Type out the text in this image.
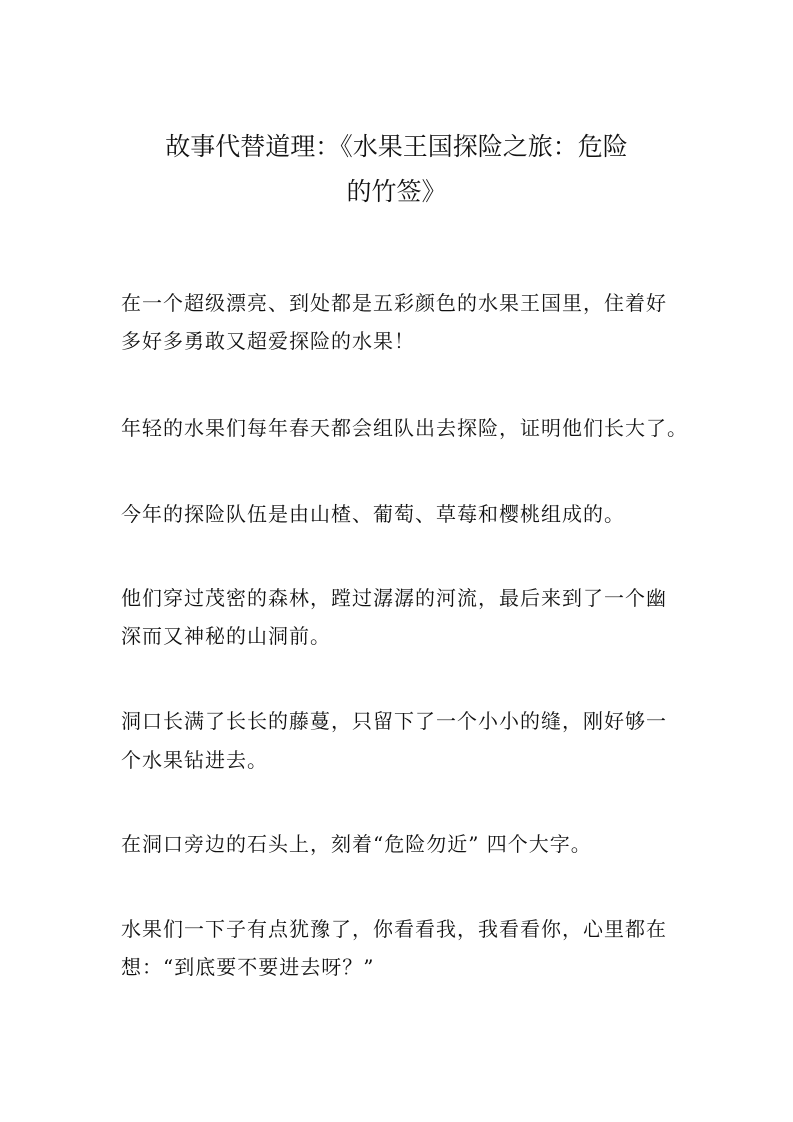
故事代替道理：《水果王国探险之旅：危险
的竹签》
在一个超级漂亮、到处都是五彩颜色的水果王国里，住着好
多好多勇敢又超爱探险的水果！
年轻的水果们每年春天都会组队出去探险，证明他们长大了。
今年的探险队伍是由山楂、葡萄、草莓和樱桃组成的。
他们穿过茂密的森林，蹚过潺潺的河流，最后来到了一个幽
深而又神秘的山洞前。
洞口长满了长长的藤蔓，只留下了一个小小的缝，刚好够一
个水果钻进去。
在洞口旁边的石头上，刻着“危险勿近” 四个大字。
水果们一下子有点犹豫了，你看看我，我看看你，心里都在
想：“到底要不要进去呀？”
